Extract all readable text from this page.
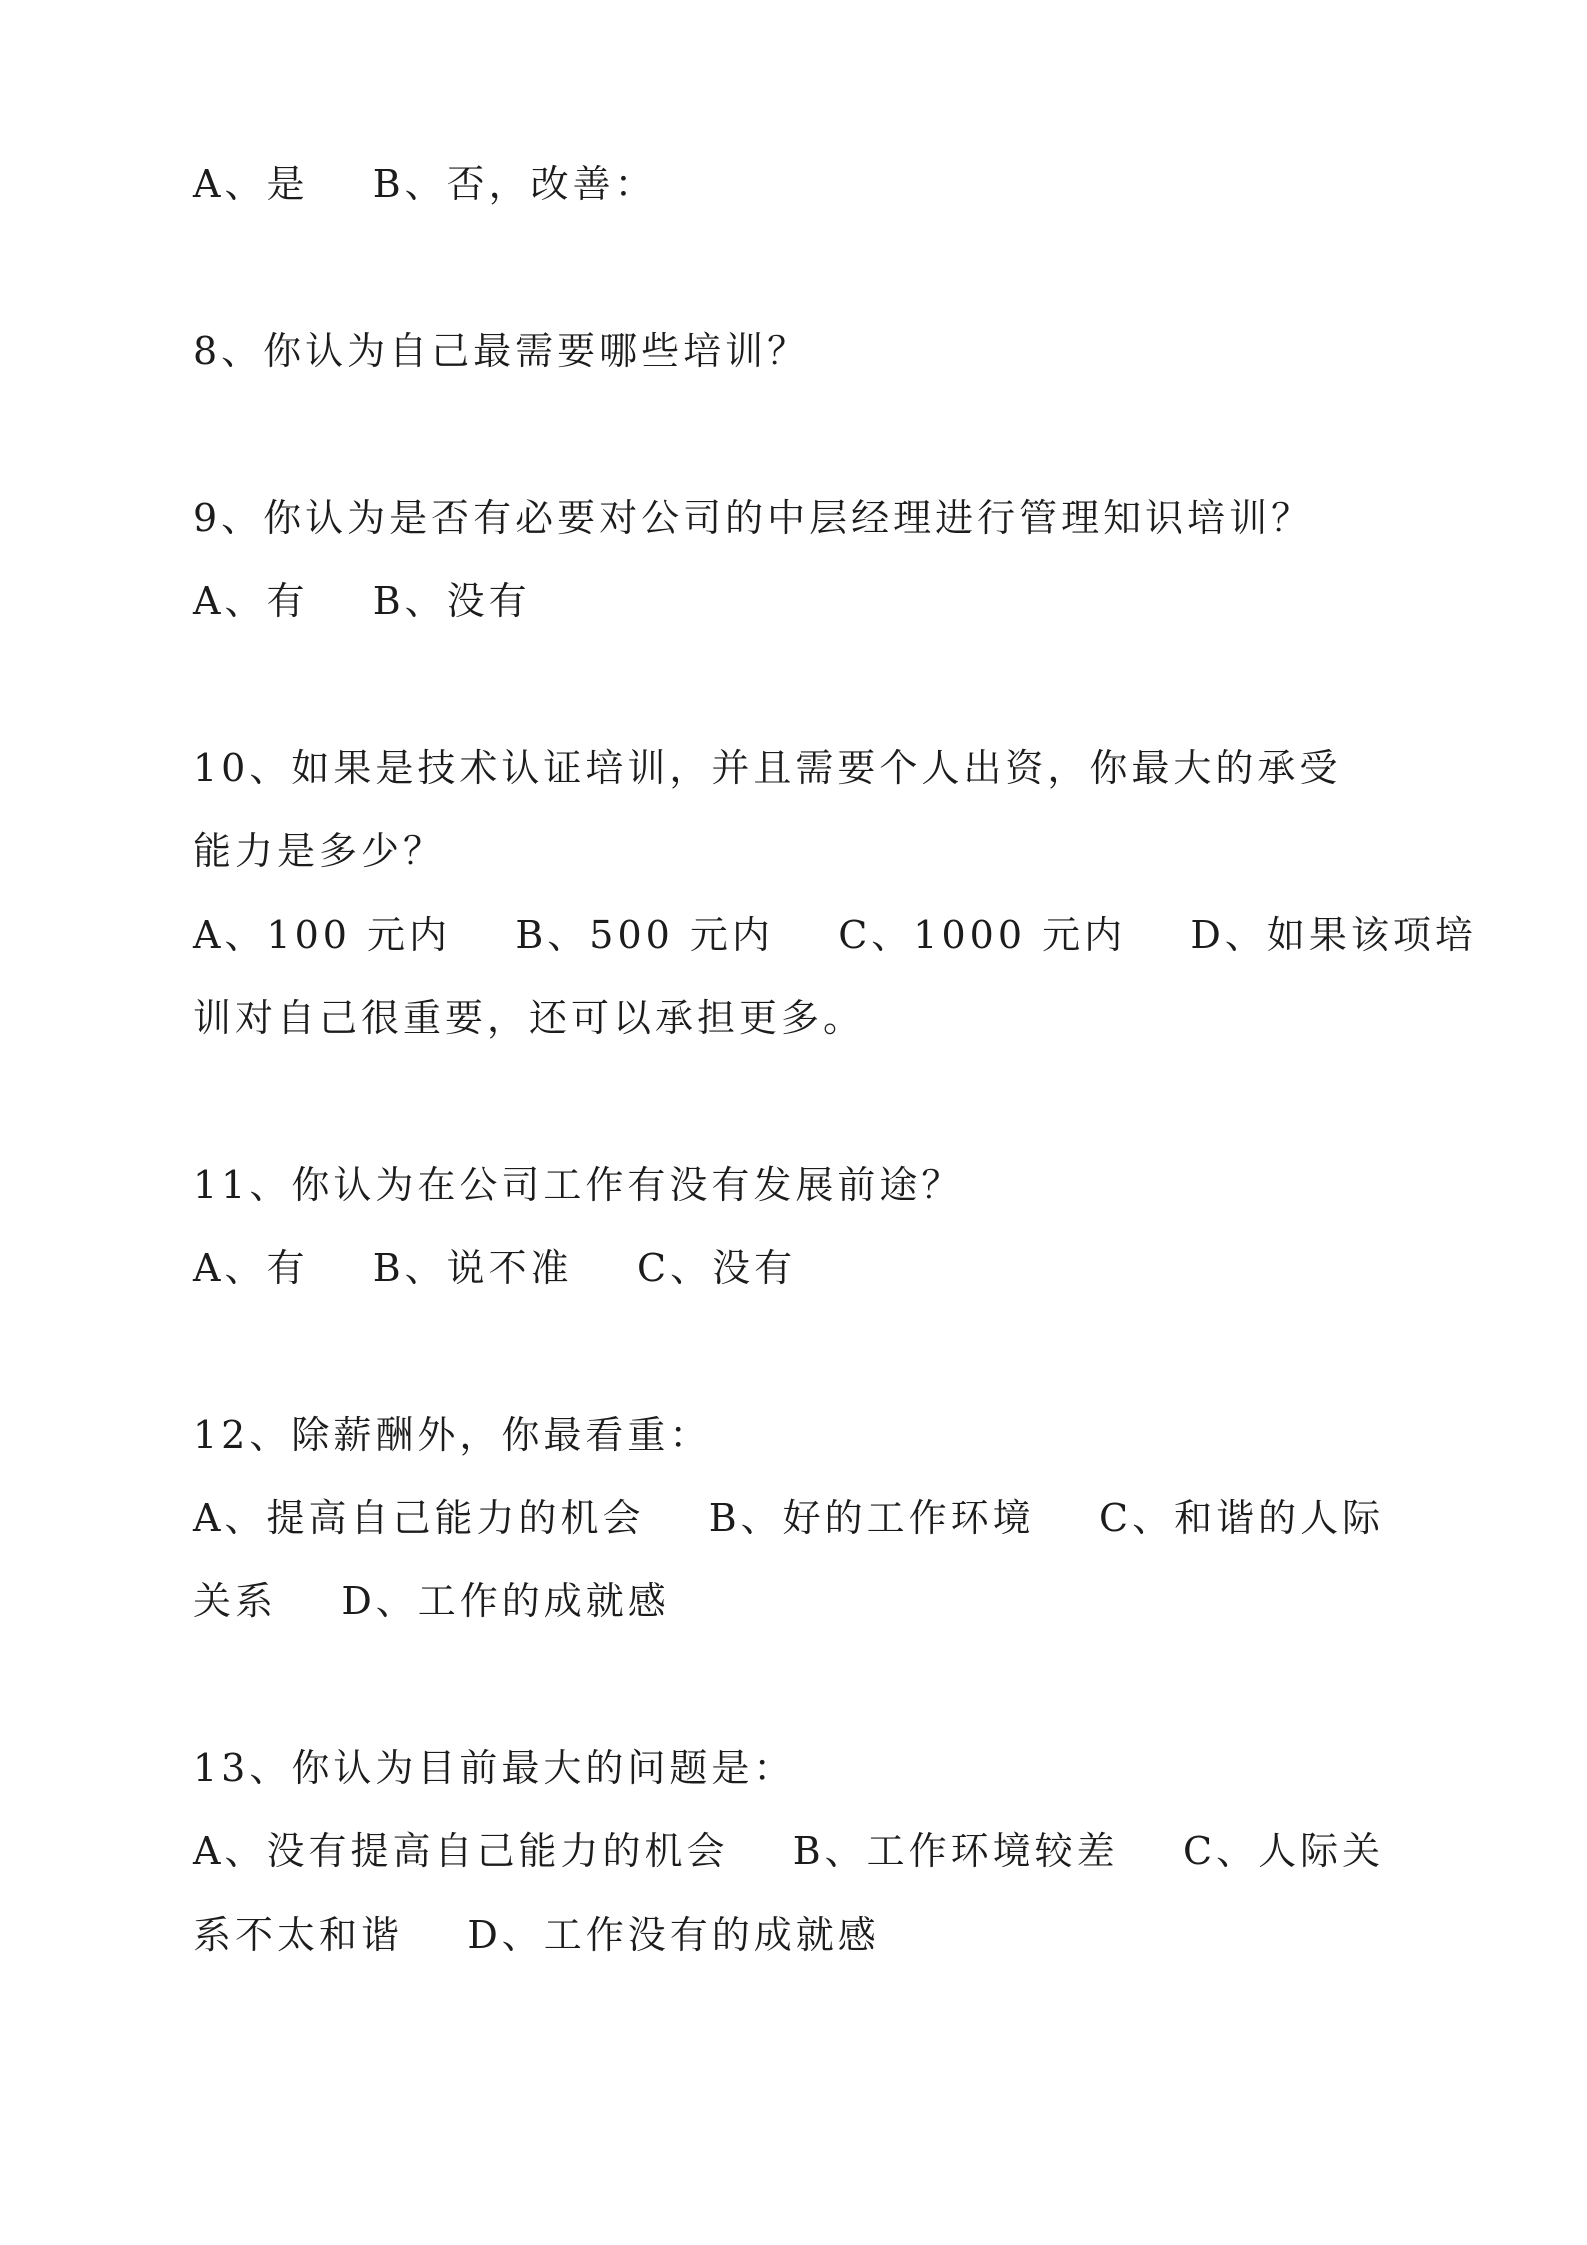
A、是    B、否，改善：
8、你认为自己最需要哪些培训？
9、你认为是否有必要对公司的中层经理进行管理知识培训？
A、有    B、没有
10、如果是技术认证培训，并且需要个人出资，你最大的承受
能力是多少？
A、100 元内    B、500 元内    C、1000 元内    D、如果该项培
训对自己很重要，还可以承担更多。
11、你认为在公司工作有没有发展前途？
A、有    B、说不准    C、没有
12、除薪酬外，你最看重：
A、提高自己能力的机会    B、好的工作环境    C、和谐的人际
关系    D、工作的成就感
13、你认为目前最大的问题是：
A、没有提高自己能力的机会    B、工作环境较差    C、人际关
系不太和谐    D、工作没有的成就感
